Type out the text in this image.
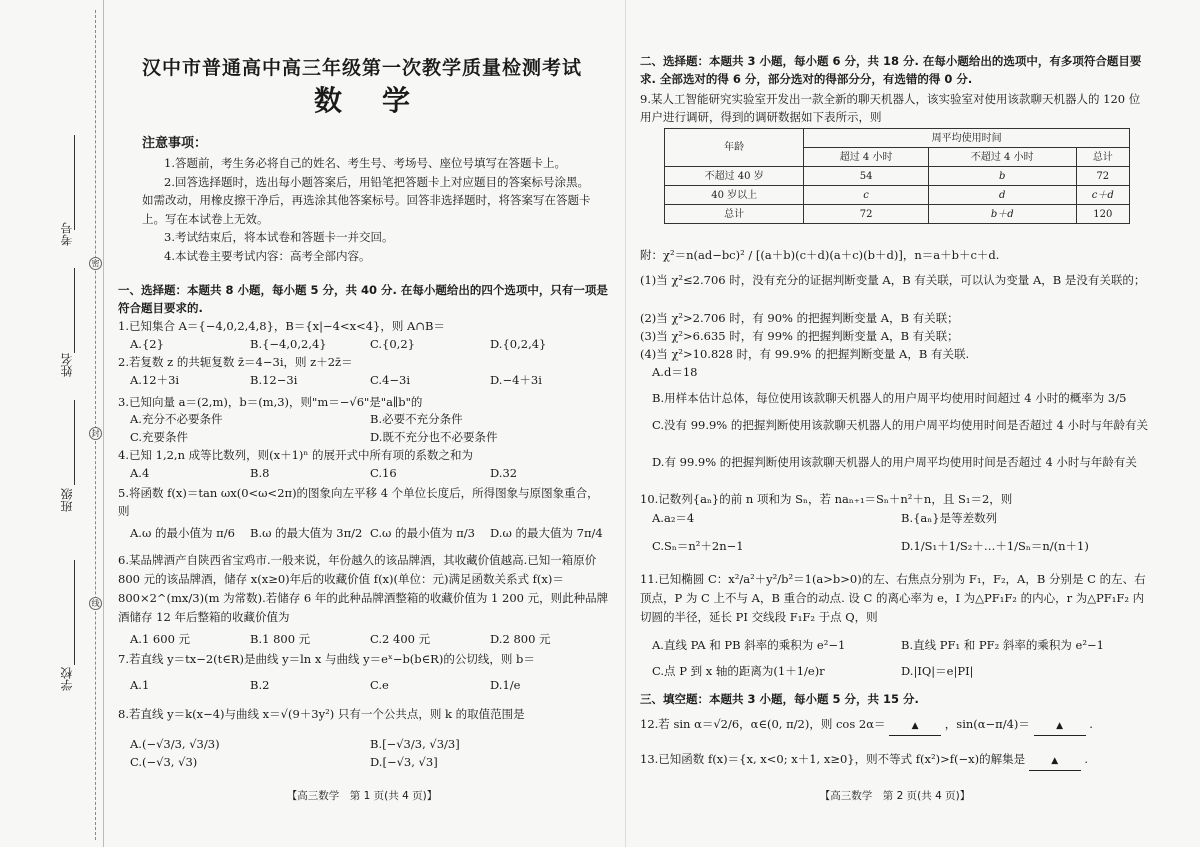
考号
密
姓名
封
班级
线
学校
汉中市普通高中高三年级第一次教学质量检测考试
数学
注意事项：

1.答题前，考生务必将自己的姓名、考生号、考场号、座位号填写在答题卡上。

2.回答选择题时，选出每小题答案后，用铅笔把答题卡上对应题目的答案标号涂黑。如需改动，用橡皮擦干净后，再选涂其他答案标号。回答非选择题时，将答案写在答题卡上。写在本试卷上无效。

3.考试结束后，将本试卷和答题卡一并交回。

4.本试卷主要考试内容：高考全部内容。

一、选择题：本题共 8 小题，每小题 5 分，共 40 分. 在每小题给出的四个选项中，只有一项是符合题目要求的.
1.已知集合 A＝{−4,0,2,4,8}，B＝{x|−4<x<4}，则 A∩B＝
A.{2}	B.{−4,0,2,4}	C.{0,2}	D.{0,2,4}
2.若复数 z 的共轭复数 z̄＝4−3i，则 z＋2z̄＝
A.12＋3i	B.12−3i	C.4−3i	D.−4＋3i
3.已知向量 a＝(2,m)，b＝(m,3)，则"m＝−√6"是"a∥b"的
A.充分不必要条件	B.必要不充分条件
C.充要条件	D.既不充分也不必要条件
4.已知 1,2,n 成等比数列，则(x＋1)ⁿ 的展开式中所有项的系数之和为
A.4	B.8	C.16	D.32
5.将函数 f(x)＝tan ωx(0<ω<2π)的图象向左平移 4 个单位长度后，所得图象与原图象重合，则
A.ω 的最小值为 π/6	B.ω 的最大值为 3π/2 C.ω 的最小值为 π/3	D.ω 的最大值为 7π/4
6.某品牌酒产自陕西省宝鸡市.一般来说，年份越久的该品牌酒，其收藏价值越高.已知一箱原价 800 元的该品牌酒，储存 x(x≥0)年后的收藏价值 f(x)(单位：元)满足函数关系式 f(x)＝800×2^(mx/3)(m 为常数).若储存 6 年的此种品牌酒整箱的收藏价值为 1 200 元，则此种品牌酒储存 12 年后整箱的收藏价值为
A.1 600 元	B.1 800 元	C.2 400 元	D.2 800 元
7.若直线 y＝tx−2(t∈R)是曲线 y＝ln x 与曲线 y＝eˣ−b(b∈R)的公切线，则 b＝
A.1	B.2	C.e	D.1/e
8.若直线 y＝k(x−4)与曲线 x＝√(9＋3y²) 只有一个公共点，则 k 的取值范围是
A.(−√3/3, √3/3)	B.[−√3/3, √3/3]
C.(−√3, √3)	D.[−√3, √3]
【高三数学　第 1 页(共 4 页)】
二、选择题：本题共 3 小题，每小题 6 分，共 18 分. 在每小题给出的选项中，有多项符合题目要求. 全部选对的得 6 分，部分选对的得部分分，有选错的得 0 分.
9.某人工智能研究实验室开发出一款全新的聊天机器人，该实验室对使用该款聊天机器人的 120 位用户进行调研，得到的调研数据如下表所示，则
年龄	周平均使用时间		
	超过 4 小时	不超过 4 小时	总计
不超过 40 岁	54	b	72
40 岁以上	c	d	c＋d
总计	72	b＋d	120
附：χ²＝n(ad−bc)² / [(a＋b)(c＋d)(a＋c)(b＋d)]，n＝a＋b＋c＋d.
(1)当 χ²≤2.706 时，没有充分的证据判断变量 A，B 有关联，可以认为变量 A，B 是没有关联的；
(2)当 χ²>2.706 时，有 90% 的把握判断变量 A，B 有关联；
(3)当 χ²>6.635 时，有 99% 的把握判断变量 A，B 有关联；
(4)当 χ²>10.828 时，有 99.9% 的把握判断变量 A，B 有关联.
A.d＝18
B.用样本估计总体，每位使用该款聊天机器人的用户周平均使用时间超过 4 小时的概率为 3/5
C.没有 99.9% 的把握判断使用该款聊天机器人的用户周平均使用时间是否超过 4 小时与年龄有关
D.有 99.9% 的把握判断使用该款聊天机器人的用户周平均使用时间是否超过 4 小时与年龄有关
10.记数列{aₙ}的前 n 项和为 Sₙ，若 naₙ₊₁＝Sₙ＋n²＋n，且 S₁＝2，则
A.a₂＝4	B.{aₙ}是等差数列
C.Sₙ＝n²＋2n−1	D.1/S₁＋1/S₂＋…＋1/Sₙ＝n/(n＋1)
11.已知椭圆 C：x²/a²＋y²/b²＝1(a>b>0)的左、右焦点分别为 F₁，F₂，A，B 分别是 C 的左、右顶点，P 为 C 上不与 A，B 重合的动点. 设 C 的离心率为 e，I 为△PF₁F₂ 的内心，r 为△PF₁F₂ 内切圆的半径，延长 PI 交线段 F₁F₂ 于点 Q，则
A.直线 PA 和 PB 斜率的乘积为 e²−1	B.直线 PF₁ 和 PF₂ 斜率的乘积为 e²−1
C.点 P 到 x 轴的距离为(1＋1/e)r	D.|IQ|＝e|PI|
三、填空题：本题共 3 小题，每小题 5 分，共 15 分.
12.若 sin α＝√2/6，α∈(0, π/2)，则 cos 2α＝	▲ ，sin(α−π/4)＝	▲ .
13.已知函数 f(x)＝{x, x<0; x＋1, x≥0}，则不等式 f(x²)>f(−x)的解集是	▲ .
【高三数学　第 2 页(共 4 页)】
